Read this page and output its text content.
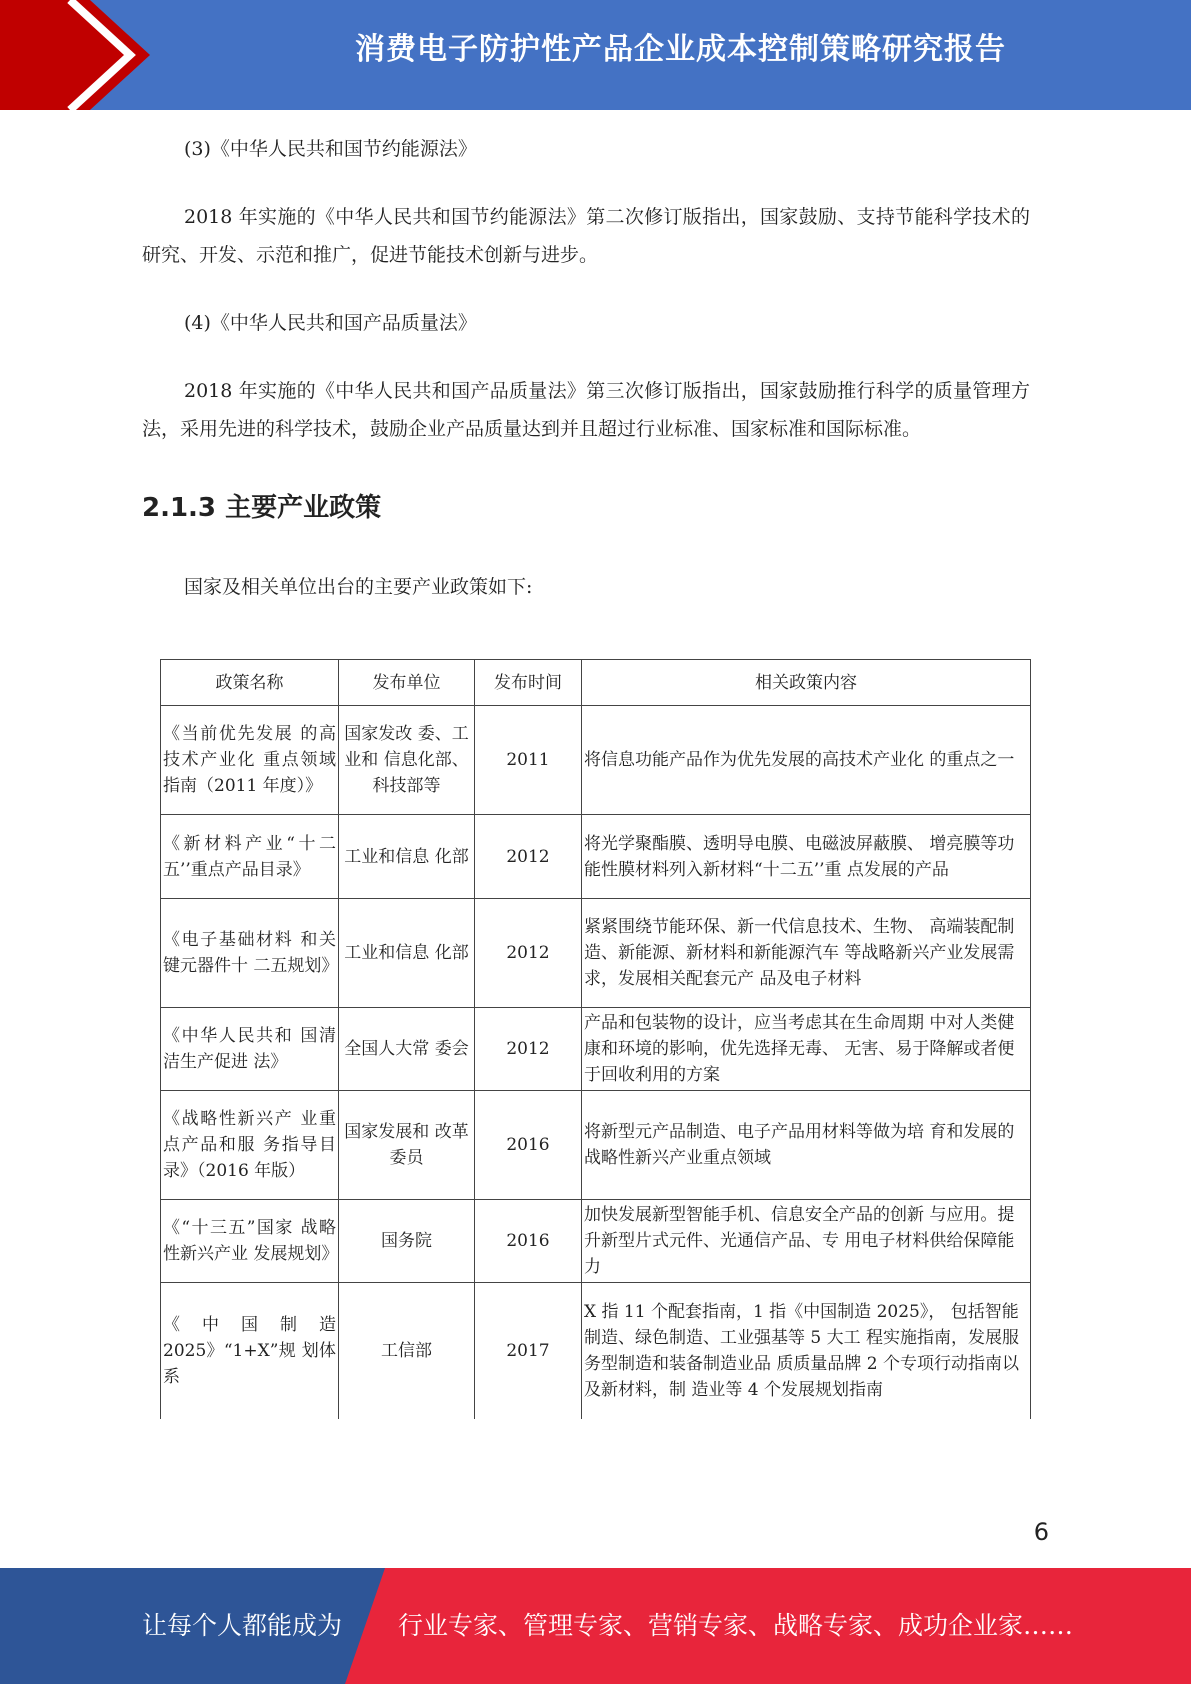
消费电子防护性产品企业成本控制策略研究报告

(3)《中华人民共和国节约能源法》

2018 年实施的《中华人民共和国节约能源法》第二次修订版指出，国家鼓励、支持节能科学技术的研究、开发、示范和推广，促进节能技术创新与进步。

(4)《中华人民共和国产品质量法》

2018 年实施的《中华人民共和国产品质量法》第三次修订版指出，国家鼓励推行科学的质量管理方法，采用先进的科学技术，鼓励企业产品质量达到并且超过行业标准、国家标准和国际标准。

2.1.3 主要产业政策

国家及相关单位出台的主要产业政策如下:

政策名称	发布单位	发布时间	相关政策内容
《当前优先发展 的高技术产业化 重点领域指南（2011 年度）》	国家发改 委、工业和 信息化部、科技部等	2011	将信息功能产品作为优先发展的高技术产业化 的重点之一
《新材料产业“十二五’’重点产品目录》	工业和信息 化部	2012	将光学聚酯膜、透明导电膜、电磁波屏蔽膜、 增亮膜等功能性膜材料列入新材料“十二五’’重 点发展的产品
《电子基础材料 和关键元器件十 二五规划》	工业和信息 化部	2012	紧紧围绕节能环保、新一代信息技术、生物、 高端装配制造、新能源、新材料和新能源汽车 等战略新兴产业发展需求，发展相关配套元产 品及电子材料
《中华人民共和 国清洁生产促进 法》	全国人大常 委会	2012	产品和包装物的设计，应当考虑其在生命周期 中对人类健康和环境的影响，优先选择无毒、 无害、易于降解或者便于回收利用的方案
《战略性新兴产 业重点产品和服 务指导目录》（2016 年版）	国家发展和 改革委员	2016	将新型元产品制造、电子产品用材料等做为培 育和发展的战略性新兴产业重点领域
《“十三五”国家 战略性新兴产业 发展规划》	国务院	2016	加快发展新型智能手机、信息安全产品的创新 与应用。提升新型片式元件、光通信产品、专 用电子材料供给保障能力
《中国制造 2025》“1+X”规 划体系	工信部	2017	X 指 11 个配套指南，1 指《中国制造 2025》， 包括智能制造、绿色制造、工业强基等 5 大工 程实施指南，发展服务型制造和装备制造业品 质质量品牌 2 个专项行动指南以及新材料，制 造业等 4 个发展规划指南
6
让每个人都能成为 行业专家、管理专家、营销专家、战略专家、成功企业家……
